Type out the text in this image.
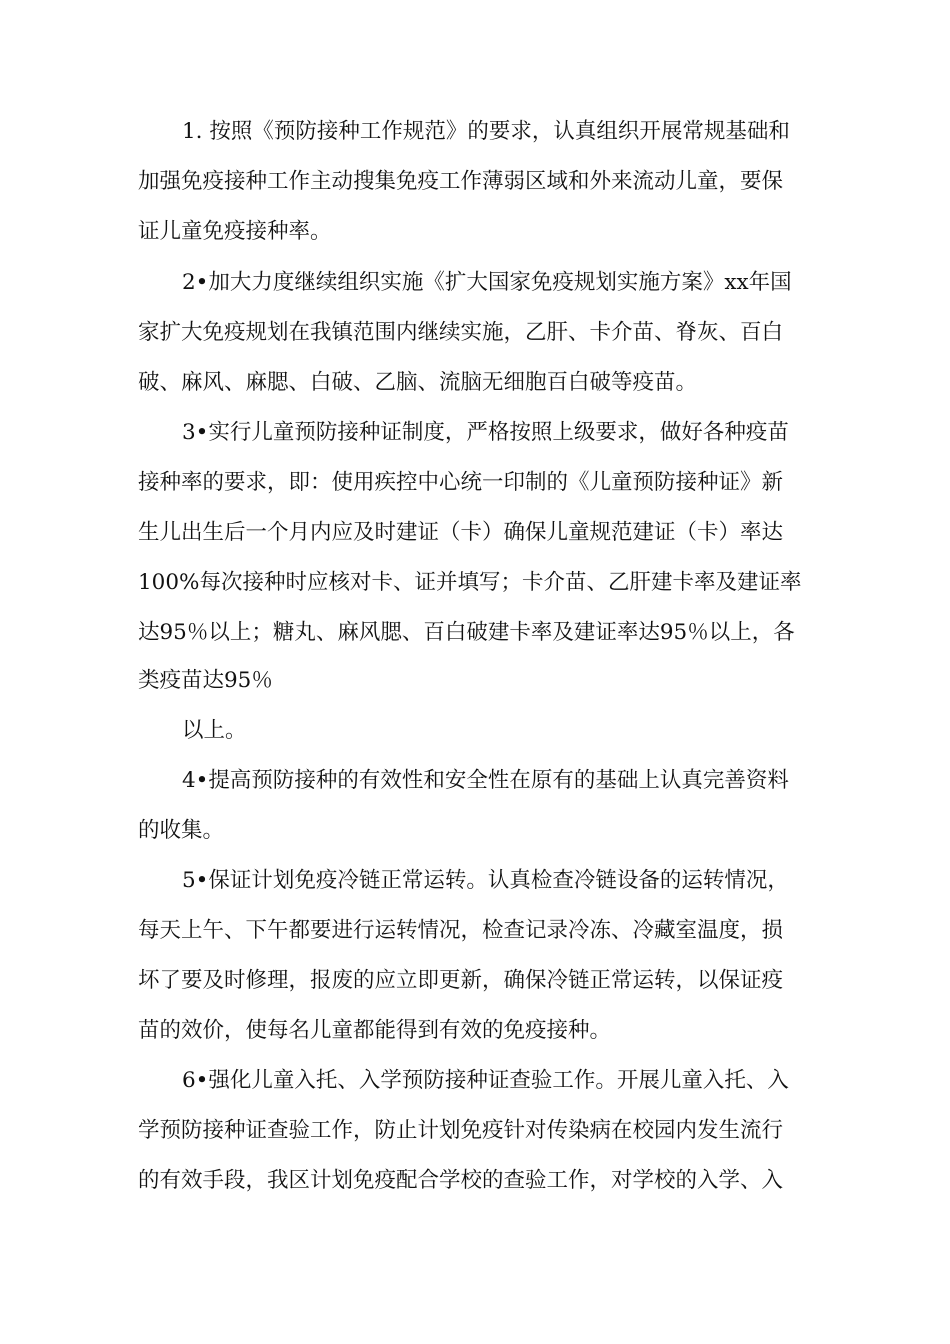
1. 按照《预防接种工作规范》的要求，认真组织开展常规基础和
加强免疫接种工作主动搜集免疫工作薄弱区域和外来流动儿童，要保
证儿童免疫接种率。
2•加大力度继续组织实施《扩大国家免疫规划实施方案》xx年国
家扩大免疫规划在我镇范围内继续实施，乙肝、卡介苗、脊灰、百白
破、麻风、麻腮、白破、乙脑、流脑无细胞百白破等疫苗。
3•实行儿童预防接种证制度，严格按照上级要求，做好各种疫苗
接种率的要求，即：使用疾控中心统一印制的《儿童预防接种证》新
生儿出生后一个月内应及时建证（卡）确保儿童规范建证（卡）率达
100%每次接种时应核对卡、证并填写；卡介苗、乙肝建卡率及建证率
达95％以上；糖丸、麻风腮、百白破建卡率及建证率达95％以上，各
类疫苗达95％
以上。
4•提高预防接种的有效性和安全性在原有的基础上认真完善资料
的收集。
5•保证计划免疫冷链正常运转。认真检查冷链设备的运转情况，
每天上午、下午都要进行运转情况，检查记录冷冻、冷藏室温度，损
坏了要及时修理，报废的应立即更新，确保冷链正常运转，以保证疫
苗的效价，使每名儿童都能得到有效的免疫接种。
6•强化儿童入托、入学预防接种证查验工作。开展儿童入托、入
学预防接种证查验工作，防止计划免疫针对传染病在校园内发生流行
的有效手段，我区计划免疫配合学校的查验工作，对学校的入学、入
